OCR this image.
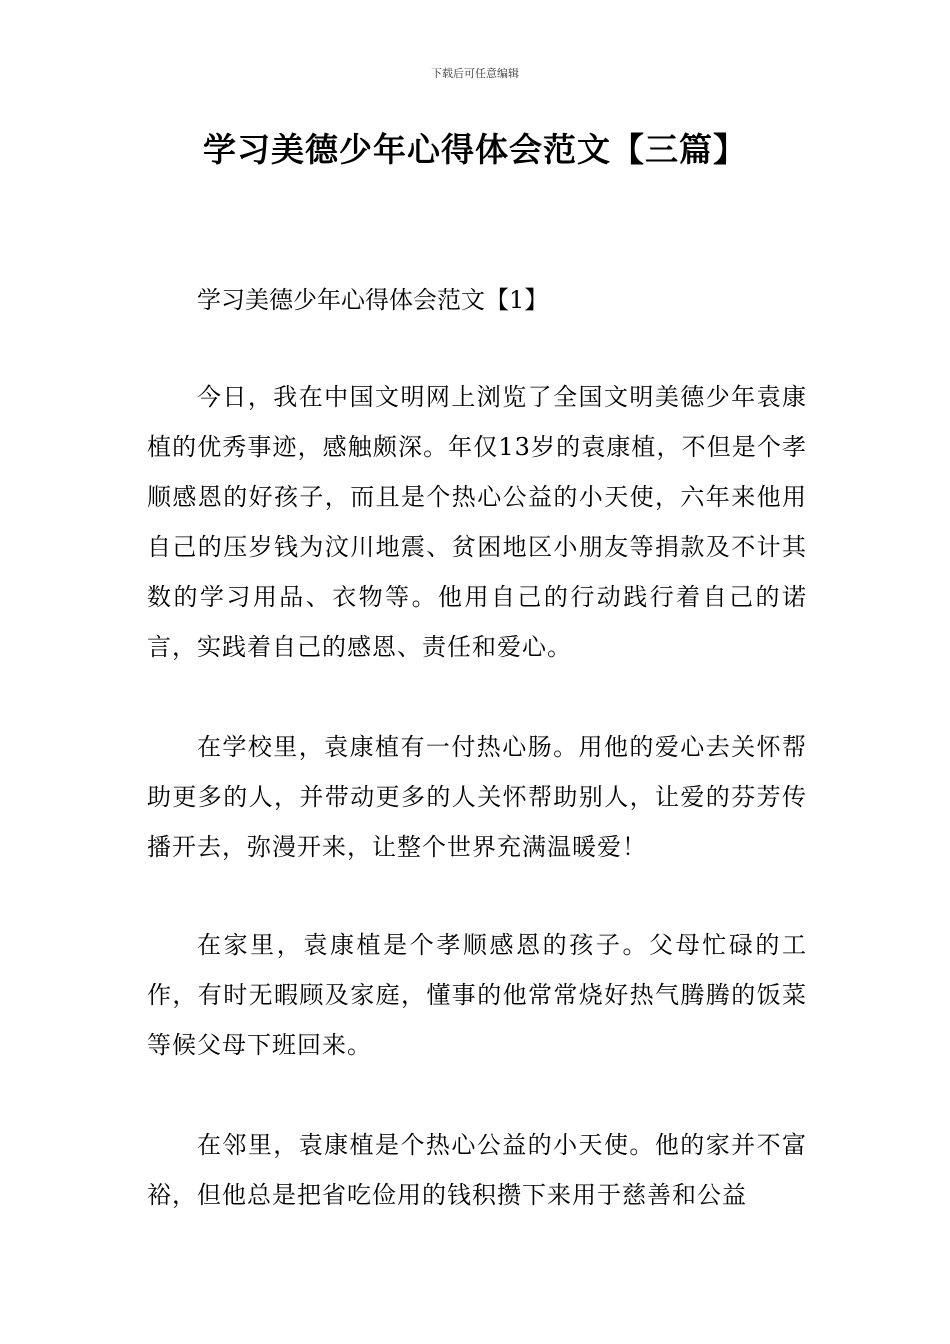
下载后可任意编辑
学习美德少年心得体会范文【三篇】
学习美德少年心得体会范文【1】

今日，我在中国文明网上浏览了全国文明美德少年袁康植的优秀事迹，感触颇深。年仅13岁的袁康植，不但是个孝顺感恩的好孩子，而且是个热心公益的小天使，六年来他用自己的压岁钱为汶川地震、贫困地区小朋友等捐款及不计其数的学习用品、衣物等。他用自己的行动践行着自己的诺言，实践着自己的感恩、责任和爱心。

在学校里，袁康植有一付热心肠。用他的爱心去关怀帮助更多的人，并带动更多的人关怀帮助别人，让爱的芬芳传播开去，弥漫开来，让整个世界充满温暖爱！

在家里，袁康植是个孝顺感恩的孩子。父母忙碌的工作，有时无暇顾及家庭，懂事的他常常烧好热气腾腾的饭菜等候父母下班回来。

在邻里，袁康植是个热心公益的小天使。他的家并不富裕，但他总是把省吃俭用的钱积攒下来用于慈善和公益
